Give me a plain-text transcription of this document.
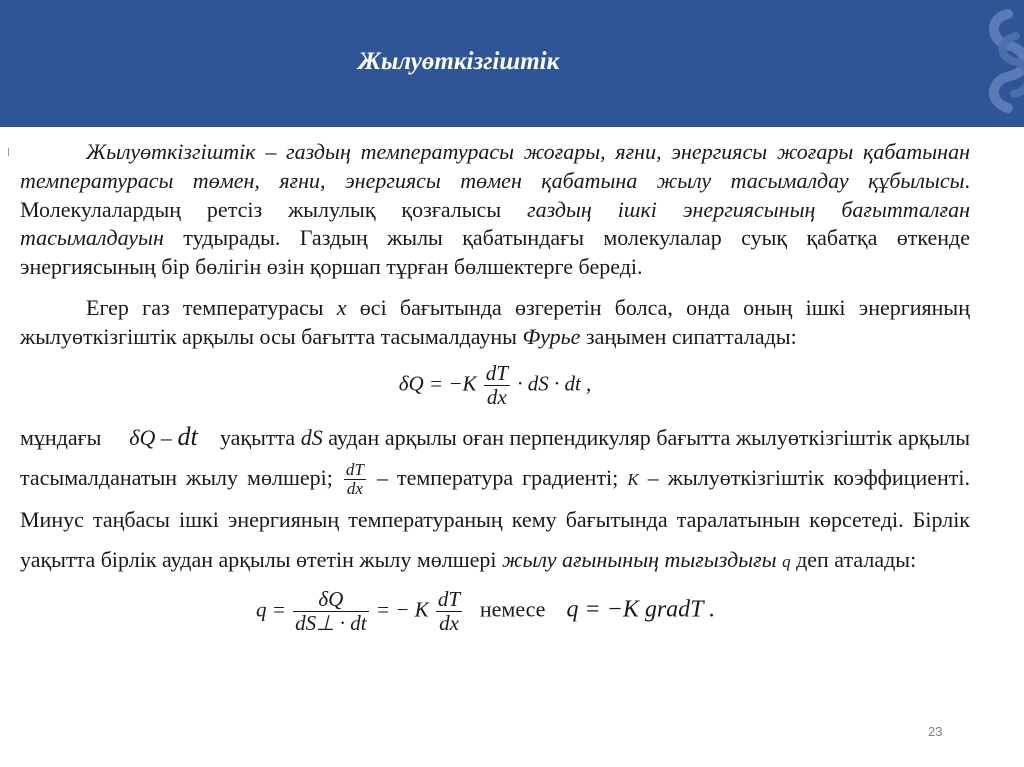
Жылуөткізгіштік

Жылуөткізгіштік – газдың температурасы жоғары, яғни, энергиясы жоғары қабатынан температурасы төмен, яғни, энергиясы төмен қабатына жылу тасымалдау құбылысы. Молекулалардың ретсіз жылулық қозғалысы газдың ішкі энергиясының бағытталған тасымалдауын тудырады. Газдың жылы қабатындағы молекулалар суық қабатқа өткенде энергиясының бір бөлігін өзін қоршап тұрған бөлшектерге береді.

Егер газ температурасы x өсі бағытында өзгеретін болса, онда оның ішкі энергияның жылуөткізгіштік арқылы осы бағытта тасымалдауны Фурье заңымен сипатталады:

$\delta Q = -K \frac{dT}{dx}$ · dS · dt ,

мұндағы δQ – dt уақытта dS аудан арқылы оған перпендикуляр бағытта жылуөткізгіштік арқылы тасымалданатын жылу мөлшері; $\frac{dT}{dx}$ – температура градиенті; K – жылуөткізгіштік коэффициенті. Минус таңбасы ішкі энергияның температураның кему бағытында таралатынын көрсетеді. Бірлік уақытта бірлік аудан арқылы өтетін жылу мөлшері жылу ағынының тығыздығы q деп аталады:

$q = \frac{\delta Q}{dS\perp \cdot dt}$ = − K $\frac{dT}{dx}$ немесе q = −K gradT .

23
